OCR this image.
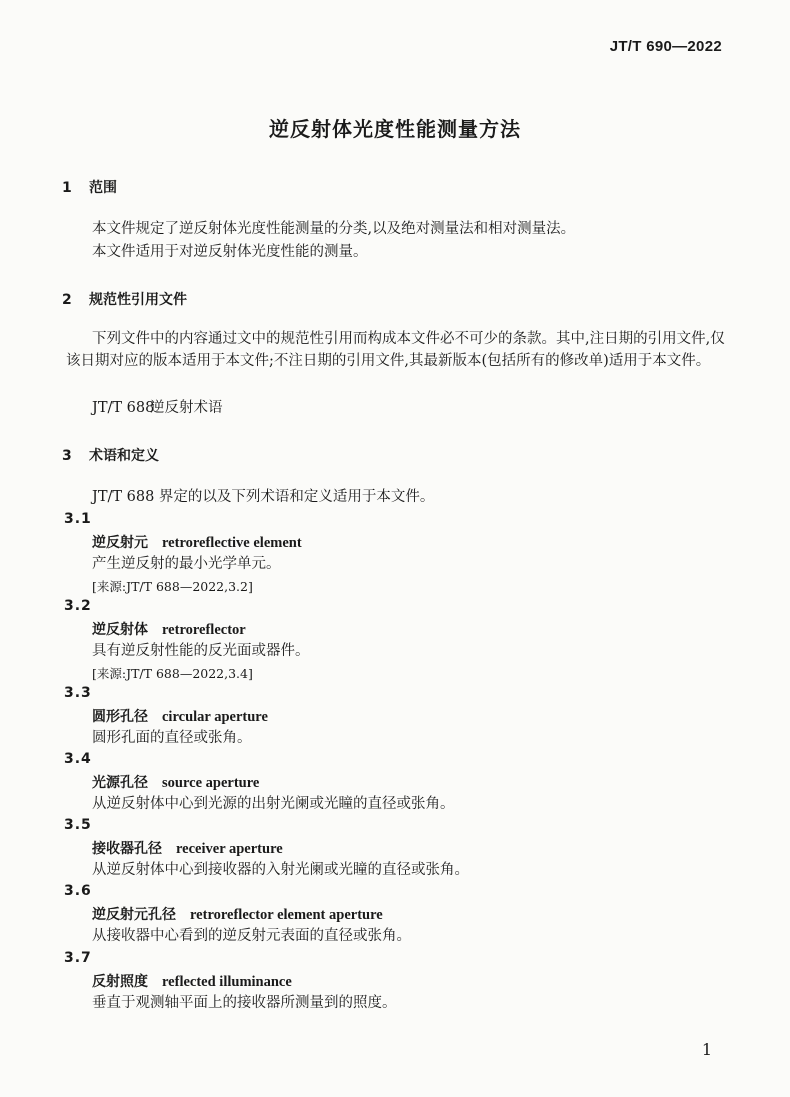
JT/T 690—2022
逆反射体光度性能测量方法
1 范围
本文件规定了逆反射体光度性能测量的分类,以及绝对测量法和相对测量法。
本文件适用于对逆反射体光度性能的测量。
2 规范性引用文件
下列文件中的内容通过文中的规范性引用而构成本文件必不可少的条款。其中,注日期的引用文件,仅该日期对应的版本适用于本文件;不注日期的引用文件,其最新版本(包括所有的修改单)适用于本文件。
JT/T 688逆反射术语
3 术语和定义
JT/T 688 界定的以及下列术语和定义适用于本文件。
3.1
逆反射元 retroreflective element
产生逆反射的最小光学单元。
[来源:JT/T 688—2022,3.2]
3.2
逆反射体 retroreflector
具有逆反射性能的反光面或器件。
[来源:JT/T 688—2022,3.4]
3.3
圆形孔径 circular aperture
圆形孔面的直径或张角。
3.4
光源孔径 source aperture
从逆反射体中心到光源的出射光阑或光瞳的直径或张角。
3.5
接收器孔径 receiver aperture
从逆反射体中心到接收器的入射光阑或光瞳的直径或张角。
3.6
逆反射元孔径 retroreflector element aperture
从接收器中心看到的逆反射元表面的直径或张角。
3.7
反射照度 reflected illuminance
垂直于观测轴平面上的接收器所测量到的照度。
1
